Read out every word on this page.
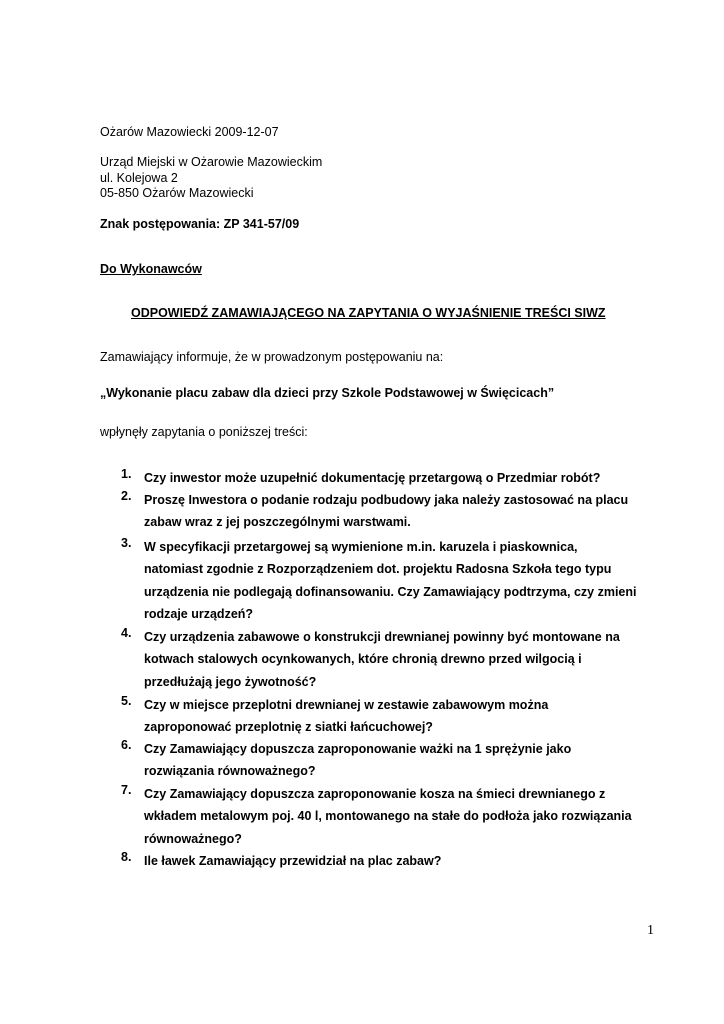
Ożarów Mazowiecki 2009-12-07
Urząd Miejski w Ożarowie Mazowieckim
ul. Kolejowa 2
05-850 Ożarów Mazowiecki
Znak postępowania: ZP 341-57/09
Do Wykonawców
ODPOWIEDŹ ZAMAWIAJĄCEGO NA ZAPYTANIA O WYJAŚNIENIE TREŚCI SIWZ
Zamawiający informuje, że w prowadzonym postępowaniu na:
„Wykonanie placu zabaw dla dzieci przy Szkole Podstawowej w Święcicach”
wpłynęły zapytania o poniższej treści:
1.	Czy inwestor może uzupełnić dokumentację przetargową o Przedmiar robót?
2.	Proszę Inwestora o podanie rodzaju podbudowy jaka należy zastosować na placu
zabaw wraz z jej poszczególnymi warstwami.
3.	W specyfikacji przetargowej są wymienione m.in. karuzela i piaskownica,
natomiast zgodnie z Rozporządzeniem dot. projektu Radosna Szkoła tego typu
urządzenia nie podlegają dofinansowaniu. Czy Zamawiający podtrzyma, czy zmieni
rodzaje urządzeń?
4.	Czy urządzenia zabawowe o konstrukcji drewnianej powinny być montowane na
kotwach stalowych ocynkowanych, które chronią drewno przed wilgocią i
przedłużają jego żywotność?
5.	Czy w miejsce przeplotni drewnianej w zestawie zabawowym można
zaproponować przeplotnię z siatki łańcuchowej?
6.	Czy Zamawiający dopuszcza zaproponowanie ważki na 1 sprężynie jako
rozwiązania równoważnego?
7.	Czy Zamawiający dopuszcza zaproponowanie kosza na śmieci drewnianego z
wkładem metalowym poj. 40 l, montowanego na stałe do podłoża jako rozwiązania
równoważnego?
8.	Ile ławek Zamawiający przewidział na plac zabaw?
1
